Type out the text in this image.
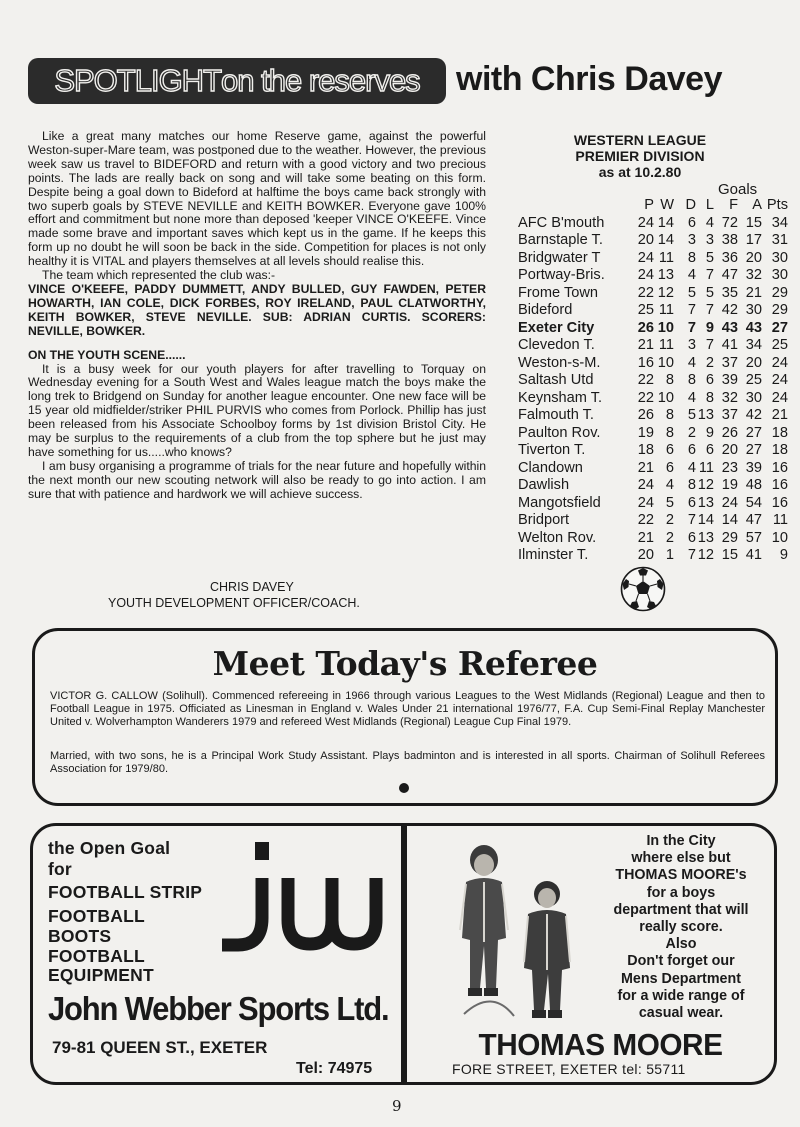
SPOTLIGHT on the reserves with Chris Davey

Like a great many matches our home Reserve game, against the powerful Weston-super-Mare team, was postponed due to the weather. However, the previous week saw us travel to BIDEFORD and return with a good victory and two precious points. The lads are really back on song and will take some beating on this form. Despite being a goal down to Bideford at halftime the boys came back strongly with two superb goals by STEVE NEVILLE and KEITH BOWKER. Everyone gave 100% effort and commitment but none more than deposed 'keeper VINCE O'KEEFE. Vince made some brave and important saves which kept us in the game. If he keeps this form up no doubt he will soon be back in the side. Competition for places is not only healthy it is VITAL and players themselves at all levels should realise this.

The team which represented the club was:-

VINCE O'KEEFE, PADDY DUMMETT, ANDY BULLED, GUY FAWDEN, PETER HOWARTH, IAN COLE, DICK FORBES, ROY IRELAND, PAUL CLATWORTHY, KEITH BOWKER, STEVE NEVILLE. SUB: ADRIAN CURTIS. SCORERS: NEVILLE, BOWKER.

ON THE YOUTH SCENE......

It is a busy week for our youth players for after travelling to Torquay on Wednesday evening for a South West and Wales league match the boys make the long trek to Bridgend on Sunday for another league encounter. One new face will be 15 year old midfielder/striker PHIL PURVIS who comes from Porlock. Phillip has just been released from his Associate Schoolboy forms by 1st division Bristol City. He may be surplus to the requirements of a club from the top sphere but he just may have something for us.....who knows?

I am busy organising a programme of trials for the near future and hopefully within the next month our new scouting network will also be ready to go into action. I am sure that with patience and hardwork we will achieve success.

CHRIS DAVEY
YOUTH DEVELOPMENT OFFICER/COACH.
WESTERN LEAGUE
PREMIER DIVISION
as at 10.2.80
Goals
	P	W	D	L	F	A	Pts
AFC B'mouth	24	14	6	4	72	15	34
Barnstaple T.	20	14	3	3	38	17	31
Bridgwater T	24	11	8	5	36	20	30
Portway-Bris.	24	13	4	7	47	32	30
Frome Town	22	12	5	5	35	21	29
Bideford	25	11	7	7	42	30	29
Exeter City	26	10	7	9	43	43	27
Clevedon T.	21	11	3	7	41	34	25
Weston-s-M.	16	10	4	2	37	20	24
Saltash Utd	22	8	8	6	39	25	24
Keynsham T.	22	10	4	8	32	30	24
Falmouth T.	26	8	5	13	37	42	21
Paulton Rov.	19	8	2	9	26	27	18
Tiverton T.	18	6	6	6	20	27	18
Clandown	21	6	4	11	23	39	16
Dawlish	24	4	8	12	19	48	16
Mangotsfield	24	5	6	13	24	54	16
Bridport	22	2	7	14	14	47	11
Welton Rov.	21	2	6	13	29	57	10
Ilminster T.	20	1	7	12	15	41	9
Meet Today's Referee
VICTOR G. CALLOW (Solihull). Commenced refereeing in 1966 through various Leagues to the West Midlands (Regional) League and then to Football League in 1975. Officiated as Linesman in England v. Wales Under 21 international 1976/77, F.A. Cup Semi-Final Replay Manchester United v. Wolverhampton Wanderers 1979 and refereed West Midlands (Regional) League Cup Final 1979.
Married, with two sons, he is a Principal Work Study Assistant. Plays badminton and is interested in all sports. Chairman of Solihull Referees Association for 1979/80.
the Open Goal
for
FOOTBALL STRIP
FOOTBALL
BOOTS
FOOTBALL
EQUIPMENT
John Webber Sports Ltd.
79-81 QUEEN ST., EXETER
Tel: 74975
In the City
where else but
THOMAS MOORE's
for a boys
department that will
really score.
Also
Don't forget our
Mens Department
for a wide range of
casual wear.
THOMAS MOORE
FORE STREET, EXETER tel: 55711
9
